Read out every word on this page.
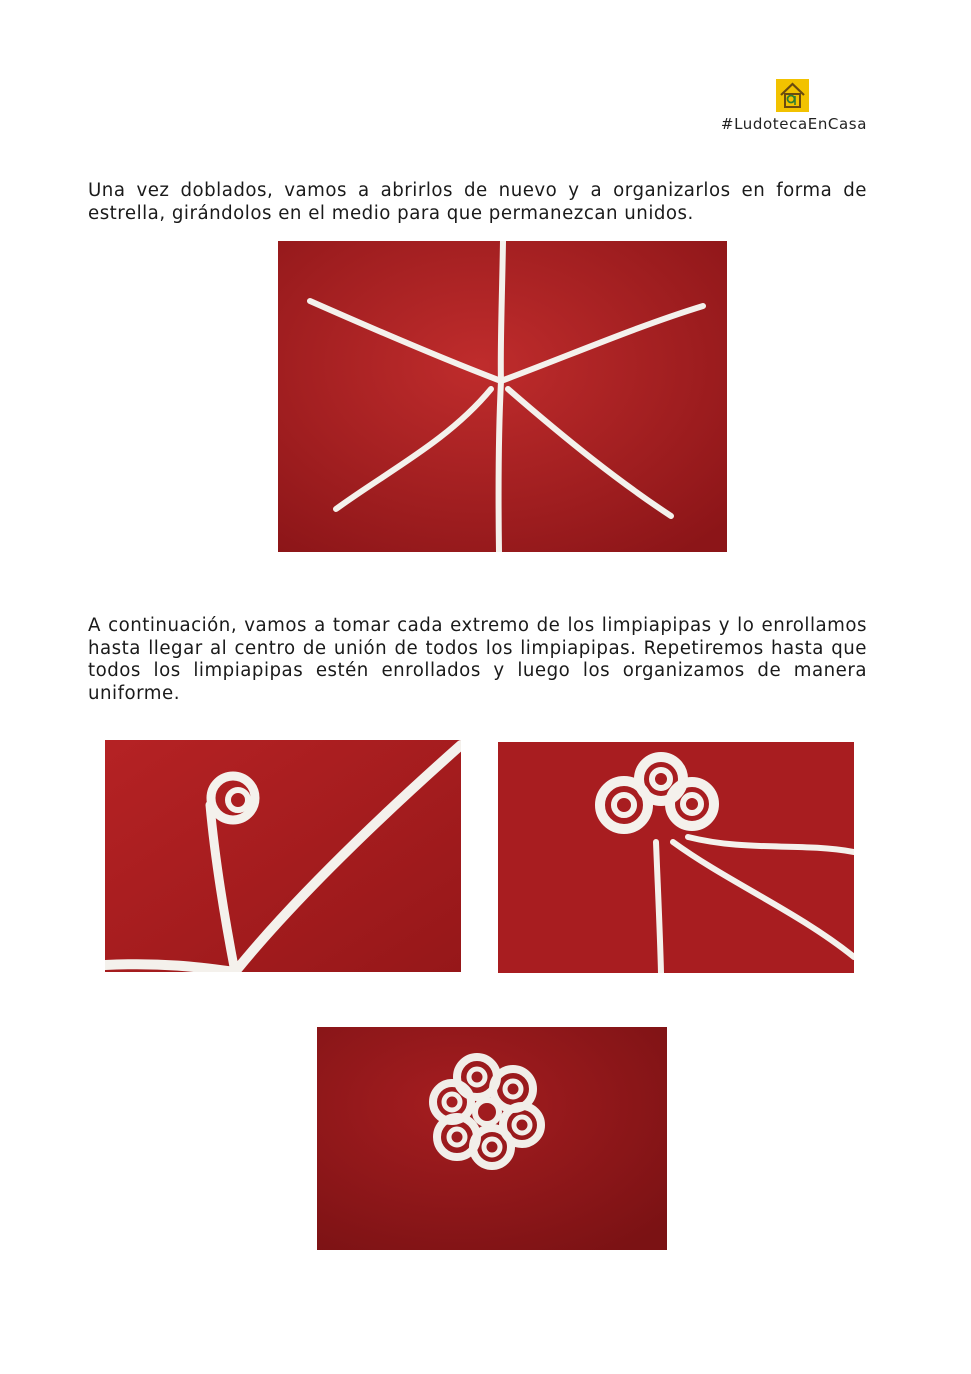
#LudotecaEnCasa

Una vez doblados, vamos a abrirlos de nuevo y a organizarlos en forma de estrella, girándolos en el medio para que permanezcan unidos.

A continuación, vamos a tomar cada extremo de los limpiapipas y lo enrollamos hasta llegar al centro de unión de todos los limpiapipas. Repetiremos hasta que todos los limpiapipas estén enrollados y luego los organizamos de manera uniforme.
